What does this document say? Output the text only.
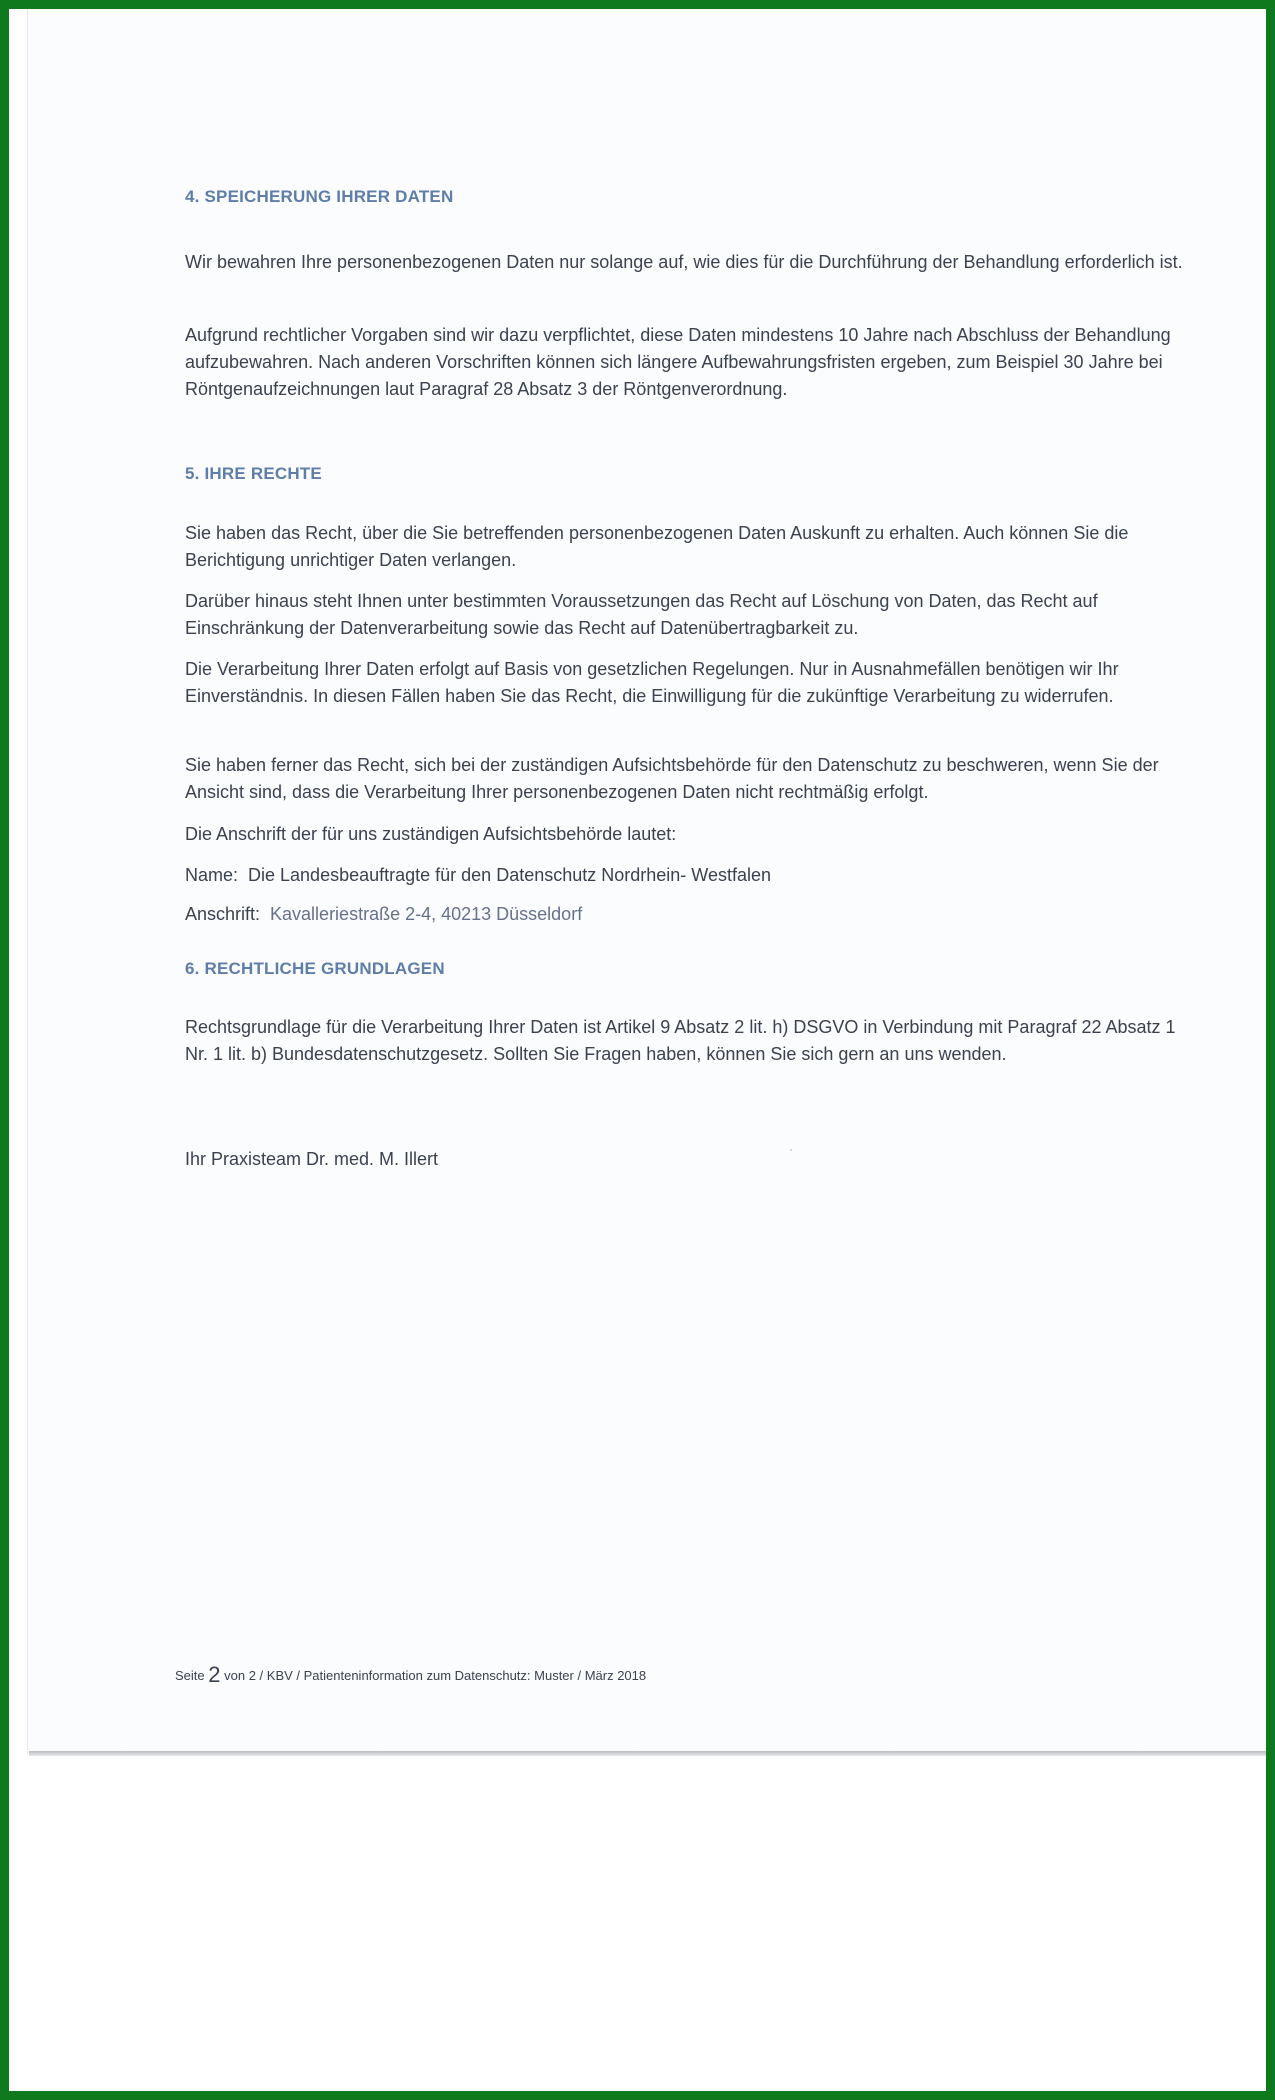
4. SPEICHERUNG IHRER DATEN
Wir bewahren Ihre personenbezogenen Daten nur solange auf, wie dies für die Durchführung der Behandlung erforderlich ist.
Aufgrund rechtlicher Vorgaben sind wir dazu verpflichtet, diese Daten mindestens 10 Jahre nach Abschluss der Behandlung aufzubewahren. Nach anderen Vorschriften können sich längere Aufbewahrungsfristen ergeben, zum Beispiel 30 Jahre bei Röntgenaufzeichnungen laut Paragraf 28 Absatz 3 der Röntgenverordnung.
5. IHRE RECHTE
Sie haben das Recht, über die Sie betreffenden personenbezogenen Daten Auskunft zu erhalten. Auch können Sie die Berichtigung unrichtiger Daten verlangen.
Darüber hinaus steht Ihnen unter bestimmten Voraussetzungen das Recht auf Löschung von Daten, das Recht auf Einschränkung der Datenverarbeitung sowie das Recht auf Datenübertragbarkeit zu.
Die Verarbeitung Ihrer Daten erfolgt auf Basis von gesetzlichen Regelungen. Nur in Ausnahmefällen benötigen wir Ihr Einverständnis. In diesen Fällen haben Sie das Recht, die Einwilligung für die zukünftige Verarbeitung zu widerrufen.
Sie haben ferner das Recht, sich bei der zuständigen Aufsichtsbehörde für den Datenschutz zu beschweren, wenn Sie der Ansicht sind, dass die Verarbeitung Ihrer personenbezogenen Daten nicht rechtmäßig erfolgt.
Die Anschrift der für uns zuständigen Aufsichtsbehörde lautet:
Name: Die Landesbeauftragte für den Datenschutz Nordrhein- Westfalen
Anschrift: Kavalleriestraße 2-4, 40213 Düsseldorf
6. RECHTLICHE GRUNDLAGEN
Rechtsgrundlage für die Verarbeitung Ihrer Daten ist Artikel 9 Absatz 2 lit. h) DSGVO in Verbindung mit Paragraf 22 Absatz 1 Nr. 1 lit. b) Bundesdatenschutzgesetz. Sollten Sie Fragen haben, können Sie sich gern an uns wenden.
Ihr Praxisteam Dr. med. M. Illert
Seite 2 von 2 / KBV / Patienteninformation zum Datenschutz: Muster / März 2018
